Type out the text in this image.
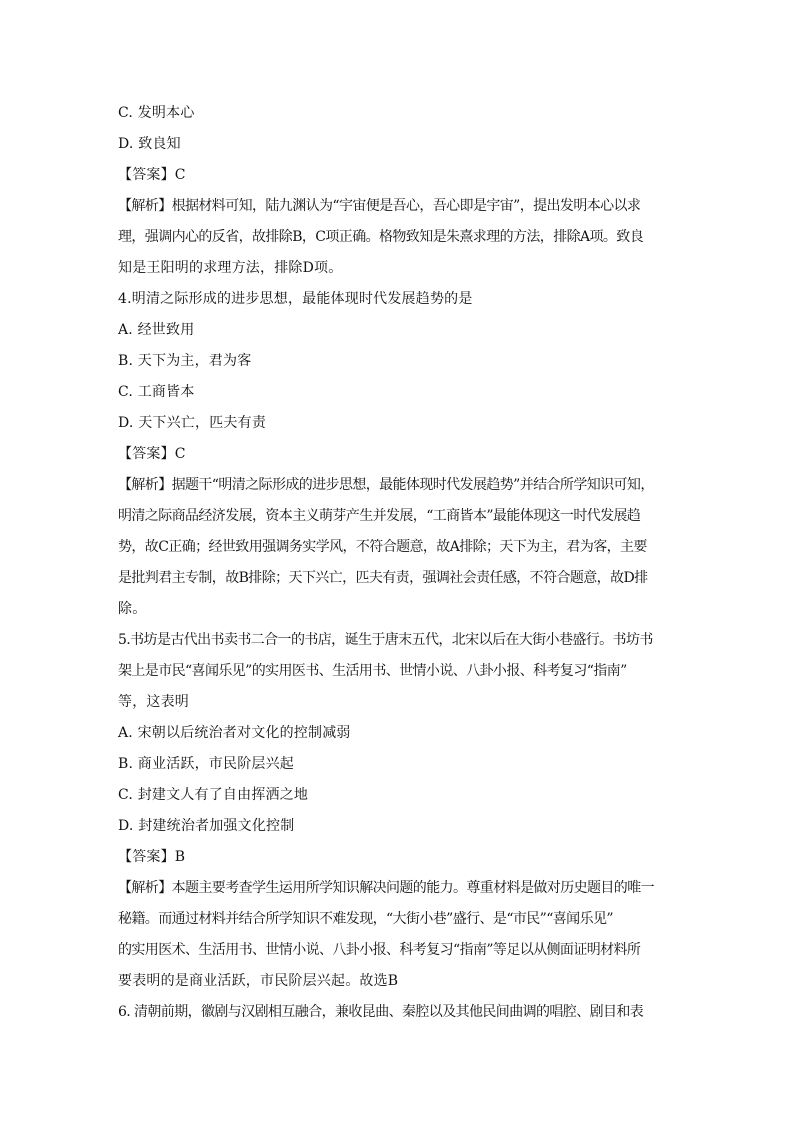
C. 发明本心
D. 致良知
【答案】C
【解析】根据材料可知，陆九渊认为“宇宙便是吾心，吾心即是宇宙”，提出发明本心以求
理，强调内心的反省，故排除B，C项正确。格物致知是朱熹求理的方法，排除A项。致良
知是王阳明的求理方法，排除D项。
4.明清之际形成的进步思想，最能体现时代发展趋势的是
A. 经世致用
B. 天下为主，君为客
C. 工商皆本
D. 天下兴亡，匹夫有责
【答案】C
【解析】据题干“明清之际形成的进步思想，最能体现时代发展趋势”并结合所学知识可知，
明清之际商品经济发展，资本主义萌芽产生并发展，“工商皆本”最能体现这一时代发展趋
势，故C正确；经世致用强调务实学风，不符合题意，故A排除；天下为主，君为客，主要
是批判君主专制，故B排除；天下兴亡，匹夫有责，强调社会责任感，不符合题意，故D排
除。
5.书坊是古代出书卖书二合一的书店，诞生于唐末五代，北宋以后在大街小巷盛行。书坊书
架上是市民“喜闻乐见”的实用医书、生活用书、世情小说、八卦小报、科考复习“指南”
等，这表明
A. 宋朝以后统治者对文化的控制减弱
B. 商业活跃，市民阶层兴起
C. 封建文人有了自由挥洒之地
D. 封建统治者加强文化控制
【答案】B
【解析】本题主要考查学生运用所学知识解决问题的能力。尊重材料是做对历史题目的唯一
秘籍。而通过材料并结合所学知识不难发现，“大街小巷”盛行、是“市民”“喜闻乐见”
的实用医术、生活用书、世情小说、八卦小报、科考复习“指南”等足以从侧面证明材料所
要表明的是商业活跃，市民阶层兴起。故选B
6. 清朝前期，徽剧与汉剧相互融合，兼收昆曲、秦腔以及其他民间曲调的唱腔、剧目和表
